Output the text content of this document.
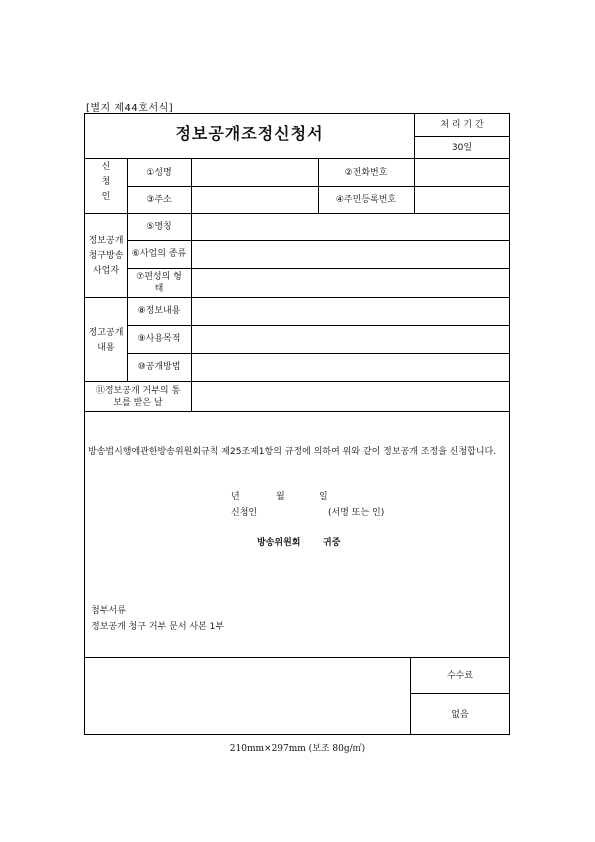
[별지 제44호서식]
정보공개조정신청서	처 리 기 간
30일
신
청
인
①성명	②전화번호
③주소	④주민등록번호
정보공개
청구방송
사업자
⑤명칭
⑥사업의 종류
⑦편성의 형
태
정고공개
내용
⑧정보내용
⑨사용목적
⑩공개방법
⑪정보공개 거부의 통
보를 받은 날
첨부서류
정보공개 청구 거부 문서 사본 1부
수수료
없음
방송법시행에관한방송위원회규칙 제25조제1항의 규정에 의하여 위와 같이 정보공개 조정을 신청합니다.
년	월	일
신청인	(서명 또는 인)
방송위원회	귀중
210mm×297mm (보조 80g/㎡)
